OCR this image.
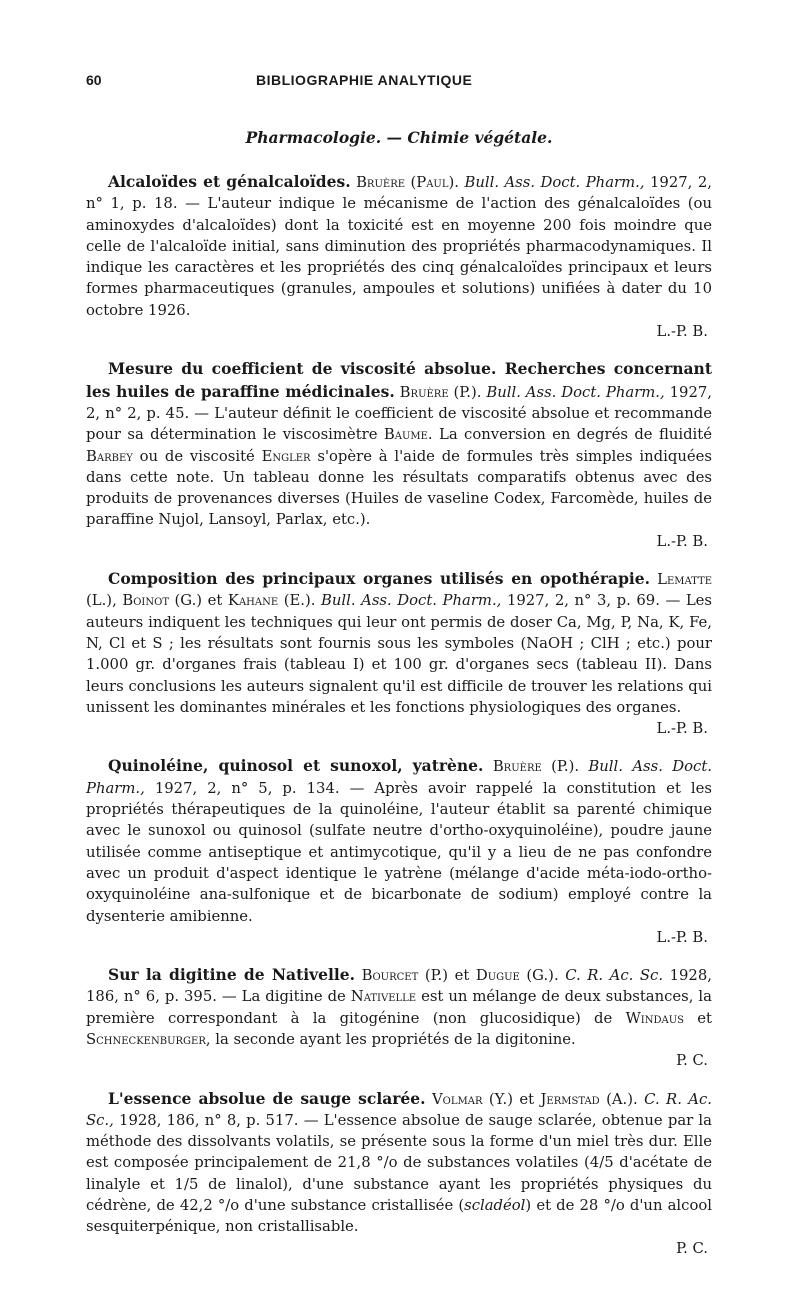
60	BIBLIOGRAPHIE ANALYTIQUE
Pharmacologie. — Chimie végétale.

Alcaloïdes et génalcaloïdes. Bruère (Paul). Bull. Ass. Doct. Pharm., 1927, 2, n° 1, p. 18. — L'auteur indique le mécanisme de l'action des génalcaloïdes (ou aminoxydes d'alcaloïdes) dont la toxicité est en moyenne 200 fois moindre que celle de l'alcaloïde initial, sans diminution des propriétés pharmacodynamiques. Il indique les caractères et les propriétés des cinq génalcaloïdes principaux et leurs formes pharmaceutiques (granules, ampoules et solutions) unifiées à dater du 10 octobre 1926.

L.-P. B.

Mesure du coefficient de viscosité absolue. Recherches concernant les huiles de paraffine médicinales. Bruère (P.). Bull. Ass. Doct. Pharm., 1927, 2, n° 2, p. 45. — L'auteur définit le coefficient de viscosité absolue et recommande pour sa détermination le viscosimètre Baume. La conversion en degrés de fluidité Barbey ou de viscosité Engler s'opère à l'aide de formules très simples indiquées dans cette note. Un tableau donne les résultats comparatifs obtenus avec des produits de provenances diverses (Huiles de vaseline Codex, Farcomède, huiles de paraffine Nujol, Lansoyl, Parlax, etc.).

L.-P. B.

Composition des principaux organes utilisés en opothérapie. Lematte (L.), Boinot (G.) et Kahane (E.). Bull. Ass. Doct. Pharm., 1927, 2, n° 3, p. 69. — Les auteurs indiquent les techniques qui leur ont permis de doser Ca, Mg, P, Na, K, Fe, N, Cl et S ; les résultats sont fournis sous les symboles (NaOH ; ClH ; etc.) pour 1.000 gr. d'organes frais (tableau I) et 100 gr. d'organes secs (tableau II). Dans leurs conclusions les auteurs signalent qu'il est difficile de trouver les relations qui unissent les dominantes minérales et les fonctions physiologiques des organes.

L.-P. B.

Quinoléine, quinosol et sunoxol, yatrène. Bruère (P.). Bull. Ass. Doct. Pharm., 1927, 2, n° 5, p. 134. — Après avoir rappelé la constitution et les propriétés thérapeutiques de la quinoléine, l'auteur établit sa parenté chimique avec le sunoxol ou quinosol (sulfate neutre d'ortho-oxyquinoléine), poudre jaune utilisée comme antiseptique et antimycotique, qu'il y a lieu de ne pas confondre avec un produit d'aspect identique le yatrène (mélange d'acide méta-iodo-ortho-oxyquinoléine ana-sulfonique et de bicarbonate de sodium) employé contre la dysenterie amibienne.

L.-P. B.

Sur la digitine de Nativelle. Bourcet (P.) et Dugue (G.). C. R. Ac. Sc. 1928, 186, n° 6, p. 395. — La digitine de Nativelle est un mélange de deux substances, la première correspondant à la gitogénine (non glucosidique) de Windaus et Schneckenburger, la seconde ayant les propriétés de la digitonine.

P. C.

L'essence absolue de sauge sclarée. Volmar (Y.) et Jermstad (A.). C. R. Ac. Sc., 1928, 186, n° 8, p. 517. — L'essence absolue de sauge sclarée, obtenue par la méthode des dissolvants volatils, se présente sous la forme d'un miel très dur. Elle est composée principalement de 21,8 °/o de substances volatiles (4/5 d'acétate de linalyle et 1/5 de linalol), d'une substance ayant les propriétés physiques du cédrène, de 42,2 °/o d'une substance cristallisée (scladéol) et de 28 °/o d'un alcool sesquiterpénique, non cristallisable.

P. C.
